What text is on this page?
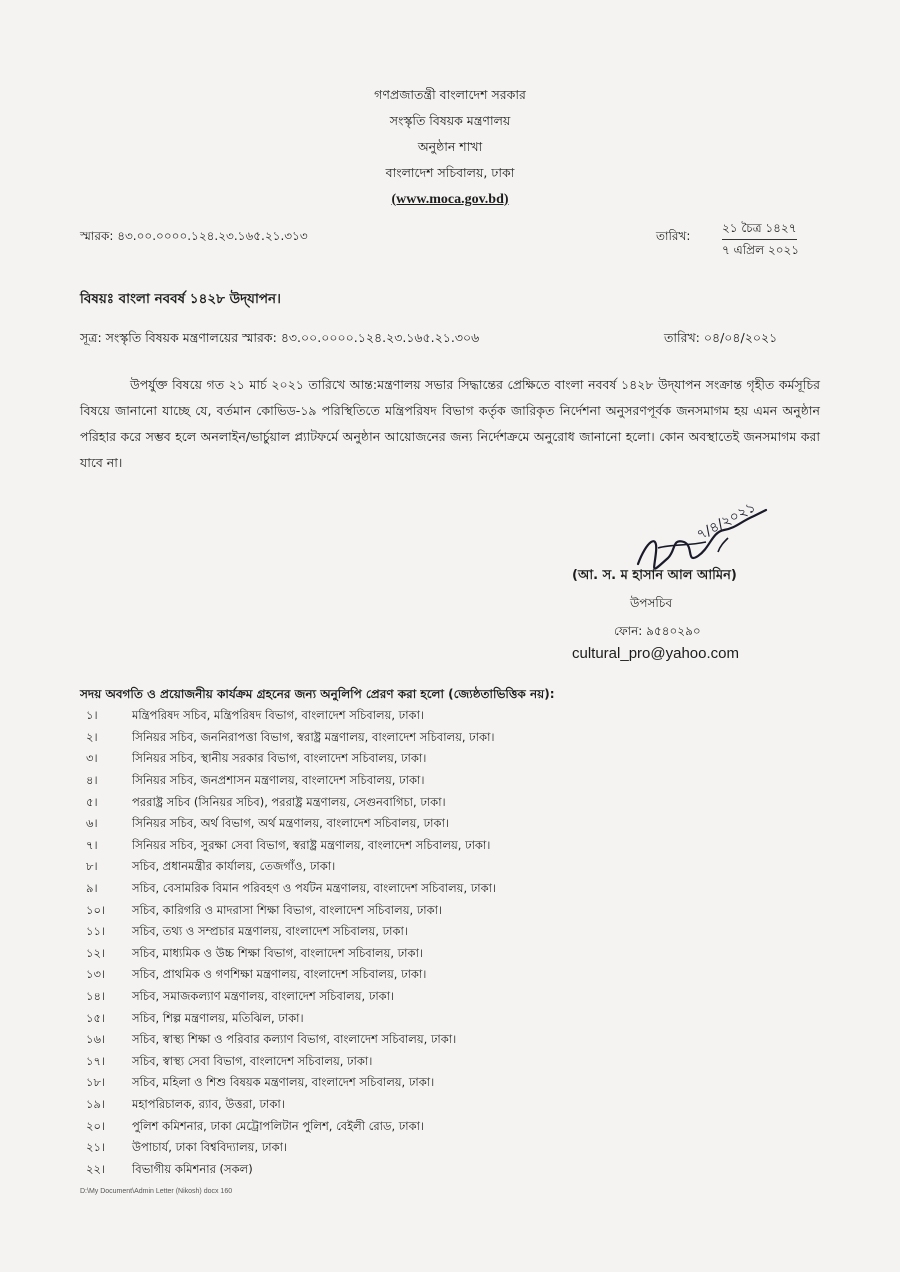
গণপ্রজাতন্ত্রী বাংলাদেশ সরকার
সংস্কৃতি বিষয়ক মন্ত্রণালয়
অনুষ্ঠান শাখা
বাংলাদেশ সচিবালয়, ঢাকা
(www.moca.gov.bd)
স্মারক: ৪৩.০০.০০০০.১২৪.২৩.১৬৫.২১.৩১৩	তারিখ:
২১ চৈত্র ১৪২৭
৭ এপ্রিল ২০২১
বিষয়ঃ বাংলা নববর্ষ ১৪২৮ উদ্‌যাপন।
সূত্র: সংস্কৃতি বিষয়ক মন্ত্রণালয়ের স্মারক: ৪৩.০০.০০০০.১২৪.২৩.১৬৫.২১.৩০৬	তারিখ: ০৪/০৪/২০২১
উপর্যুক্ত বিষয়ে গত ২১ মার্চ ২০২১ তারিখে আন্ত:মন্ত্রণালয় সভার সিদ্ধান্তের প্রেক্ষিতে বাংলা নববর্ষ ১৪২৮ উদ্‌যাপন সংক্রান্ত গৃহীত কর্মসূচির বিষয়ে জানানো যাচ্ছে যে, বর্তমান কোভিড-১৯ পরিস্থিতিতে মন্ত্রিপরিষদ বিভাগ কর্তৃক জারিকৃত নির্দেশনা অনুসরণপূর্বক জনসমাগম হয় এমন অনুষ্ঠান পরিহার করে সম্ভব হলে অনলাইন/ভার্চুয়াল প্ল্যাটফর্মে অনুষ্ঠান আয়োজনের জন্য নির্দেশক্রমে অনুরোধ জানানো হলো। কোন অবস্থাতেই জনসমাগম করা যাবে না।
৭/৪/২০২১
(আ. স. ম হাসান আল আমিন)
উপসচিব
ফোন: ৯৫৪০২৯০
cultural_pro@yahoo.com
সদয় অবগতি ও প্রয়োজনীয় কার্যক্রম গ্রহনের জন্য অনুলিপি প্রেরণ করা হলো (জ্যেষ্ঠতাভিত্তিক নয়):
১।	মন্ত্রিপরিষদ সচিব, মন্ত্রিপরিষদ বিভাগ, বাংলাদেশ সচিবালয়, ঢাকা।
২।	সিনিয়র সচিব, জননিরাপত্তা বিভাগ, স্বরাষ্ট্র মন্ত্রণালয়, বাংলাদেশ সচিবালয়, ঢাকা।
৩।	সিনিয়র সচিব, স্থানীয় সরকার বিভাগ, বাংলাদেশ সচিবালয়, ঢাকা।
৪।	সিনিয়র সচিব, জনপ্রশাসন মন্ত্রণালয়, বাংলাদেশ সচিবালয়, ঢাকা।
৫।	পররাষ্ট্র সচিব (সিনিয়র সচিব), পররাষ্ট্র মন্ত্রণালয়, সেগুনবাগিচা, ঢাকা।
৬।	সিনিয়র সচিব, অর্থ বিভাগ, অর্থ মন্ত্রণালয়, বাংলাদেশ সচিবালয়, ঢাকা।
৭।	সিনিয়র সচিব, সুরক্ষা সেবা বিভাগ, স্বরাষ্ট্র মন্ত্রণালয়, বাংলাদেশ সচিবালয়, ঢাকা।
৮।	সচিব, প্রধানমন্ত্রীর কার্যালয়, তেজগাঁও, ঢাকা।
৯।	সচিব, বেসামরিক বিমান পরিবহণ ও পর্যটন মন্ত্রণালয়, বাংলাদেশ সচিবালয়, ঢাকা।
১০।	সচিব, কারিগরি ও মাদরাসা শিক্ষা বিভাগ, বাংলাদেশ সচিবালয়, ঢাকা।
১১।	সচিব, তথ্য ও সম্প্রচার মন্ত্রণালয়, বাংলাদেশ সচিবালয়, ঢাকা।
১২।	সচিব, মাধ্যমিক ও উচ্চ শিক্ষা বিভাগ, বাংলাদেশ সচিবালয়, ঢাকা।
১৩।	সচিব, প্রাথমিক ও গণশিক্ষা মন্ত্রণালয়, বাংলাদেশ সচিবালয়, ঢাকা।
১৪।	সচিব, সমাজকল্যাণ মন্ত্রণালয়, বাংলাদেশ সচিবালয়, ঢাকা।
১৫।	সচিব, শিল্প মন্ত্রণালয়, মতিঝিল, ঢাকা।
১৬।	সচিব, স্বাস্থ্য শিক্ষা ও পরিবার কল্যাণ বিভাগ, বাংলাদেশ সচিবালয়, ঢাকা।
১৭।	সচিব, স্বাস্থ্য সেবা বিভাগ, বাংলাদেশ সচিবালয়, ঢাকা।
১৮।	সচিব, মহিলা ও শিশু বিষয়ক মন্ত্রণালয়, বাংলাদেশ সচিবালয়, ঢাকা।
১৯।	মহাপরিচালক, র‍্যাব, উত্তরা, ঢাকা।
২০।	পুলিশ কমিশনার, ঢাকা মেট্রোপলিটান পুলিশ, বেইলী রোড, ঢাকা।
২১।	উপাচার্য, ঢাকা বিশ্ববিদ্যালয়, ঢাকা।
২২।	বিভাগীয় কমিশনার (সকল)
D:\My Document\Admin Letter (Nikosh) docx 160
